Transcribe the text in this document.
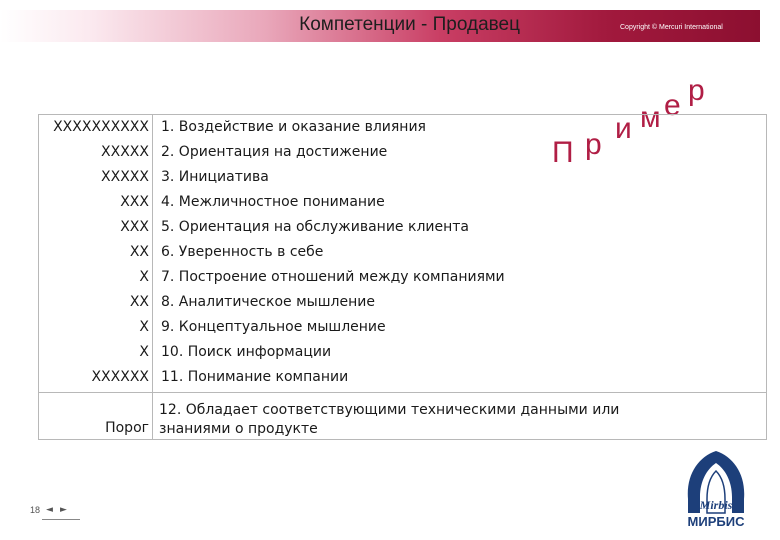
Компетенции - Продавец	Copyright © Mercuri International
П р и м е р
XXXXXXXXXX 1. Воздействие и оказание влияния
XXXXX 2. Ориентация на достижение
XXXXX 3. Инициатива
XXX 4. Межличностное понимание
XXX 5. Ориентация на обслуживание клиента
XX 6. Уверенность в себе
X 7. Построение отношений между компаниями
XX 8. Аналитическое мышление
X 9. Концептуальное мышление
X 10. Поиск информации
XXXXXX 11. Понимание компании
Порог
12. Обладает соответствующими техническими данными или
знаниями о продукте
18 ◄ ►	Mirbis
МИРБИС
